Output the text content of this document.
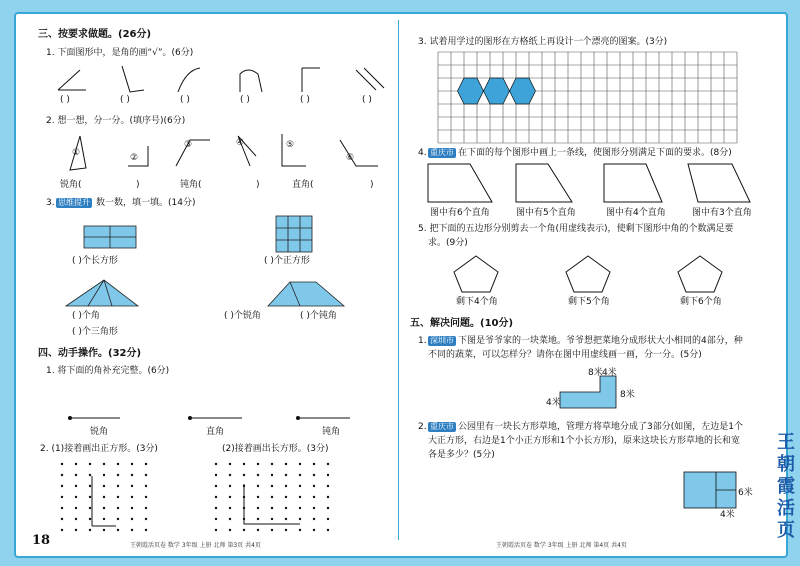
三、按要求做题。(26分)
1. 下面图形中，是角的画“√”。(6分)
( )	( )	( )	( )	( )	( )
2. 想一想，分一分。(填序号)(6分)
①	②
③	④	⑤
⑥
锐角(	)	钝角(	)	直角(	)
3. 思维提升 数一数，填一填。(14分)
( )个长方形	( )个正方形
( )个角
( )个三角形
( )个锐角	( )个钝角
四、动手操作。(32分)
1. 将下面的角补充完整。(6分)
锐角	直角	钝角
2. (1)接着画出正方形。(3分)	(2)接着画出长方形。(3分)
3. 试着用学过的图形在方格纸上再设计一个漂亮的图案。(3分)
4. 重庆市 在下面的每个图形中画上一条线，使图形分别满足下面的要求。(8分)
图中有6个直角	图中有5个直角	图中有4个直角	图中有3个直角
5. 把下面的五边形分别剪去一个角(用虚线表示)，使剩下图形中角的个数满足要
求。(9分)
剩下4个角	剩下5个角	剩下6个角
五、解决问题。(10分)
1. 深圳市 下图是爷爷家的一块菜地。爷爷想把菜地分成形状大小相同的4部分，种
不同的蔬菜，可以怎样分？请你在图中用虚线画一画，分一分。(5分)
8米
4米
4米
8米
2. 重庆市 公园里有一块长方形草地，管理方将草地分成了3部分(如图，左边是1个
大正方形，右边是1个小正方形和1个小长方形)，原来这块长方形草地的长和宽
各是多少？(5分)
6米
4米
18	王朝霞活页卷 数学 3年级 上册 北师 第3页 共4页	王朝霞活页卷 数学 3年级 上册 北师 第4页 共4页
王朝霞活页
